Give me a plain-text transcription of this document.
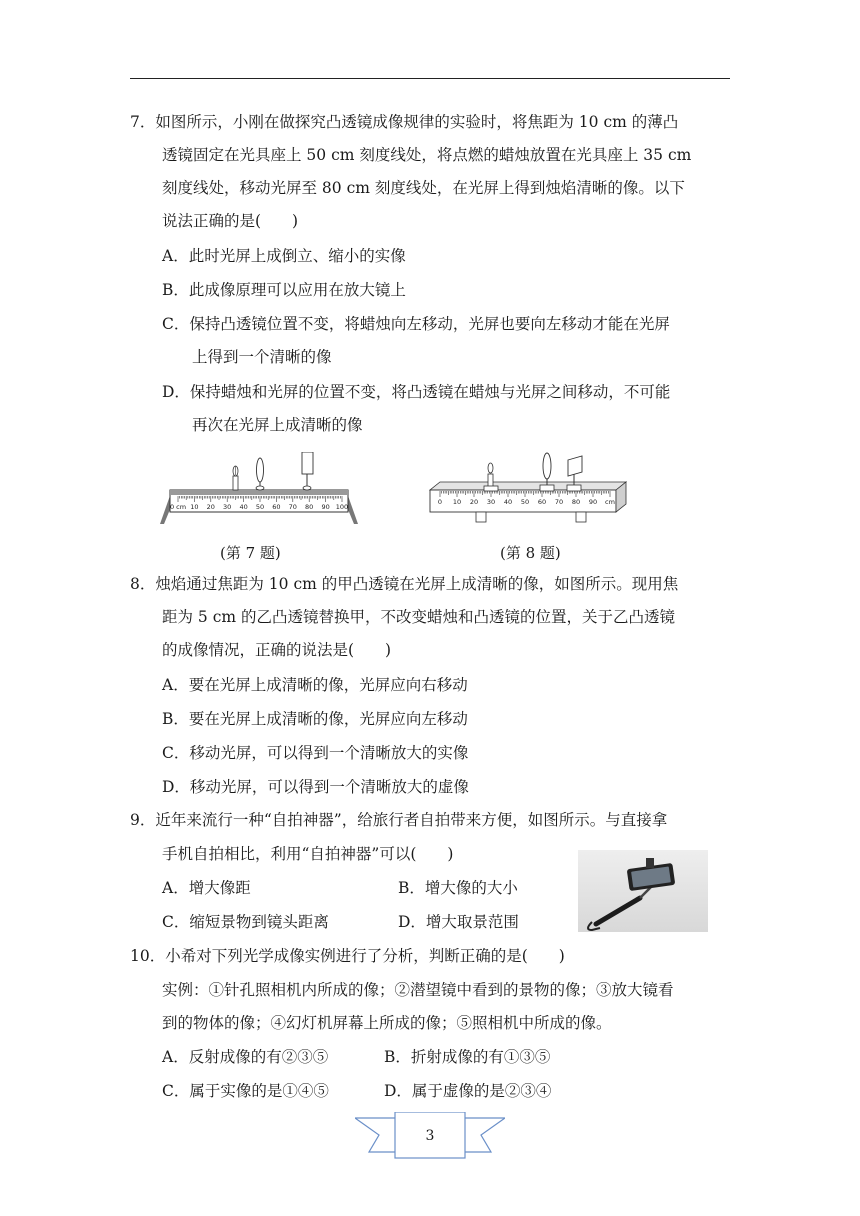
7．如图所示，小刚在做探究凸透镜成像规律的实验时，将焦距为 10 cm 的薄凸
透镜固定在光具座上 50 cm 刻度线处，将点燃的蜡烛放置在光具座上 35 cm
刻度线处，移动光屏至 80 cm 刻度线处，在光屏上得到烛焰清晰的像。以下
说法正确的是(　　)
A．此时光屏上成倒立、缩小的实像
B．此成像原理可以应用在放大镜上
C．保持凸透镜位置不变，将蜡烛向左移动，光屏也要向左移动才能在光屏
上得到一个清晰的像
D．保持蜡烛和光屏的位置不变，将凸透镜在蜡烛与光屏之间移动，不可能
再次在光屏上成清晰的像
0 cm 10 20 30 40 50 60 70 80 90 100
0 10 20 30 40 50 60 70 80 90 cm
(第 7 题)	(第 8 题)
8．烛焰通过焦距为 10 cm 的甲凸透镜在光屏上成清晰的像，如图所示。现用焦
距为 5 cm 的乙凸透镜替换甲，不改变蜡烛和凸透镜的位置，关于乙凸透镜
的成像情况，正确的说法是(　　)
A．要在光屏上成清晰的像，光屏应向右移动
B．要在光屏上成清晰的像，光屏应向左移动
C．移动光屏，可以得到一个清晰放大的实像
D．移动光屏，可以得到一个清晰放大的虚像
9．近年来流行一种“自拍神器”，给旅行者自拍带来方便，如图所示。与直接拿
手机自拍相比，利用“自拍神器”可以(　　)
A．增大像距	B．增大像的大小
C．缩短景物到镜头距离	D．增大取景范围
10．小希对下列光学成像实例进行了分析，判断正确的是(　　)
实例：①针孔照相机内所成的像；②潜望镜中看到的景物的像；③放大镜看
到的物体的像；④幻灯机屏幕上所成的像；⑤照相机中所成的像。
A．反射成像的有②③⑤	B．折射成像的有①③⑤
C．属于实像的是①④⑤	D．属于虚像的是②③④
3
